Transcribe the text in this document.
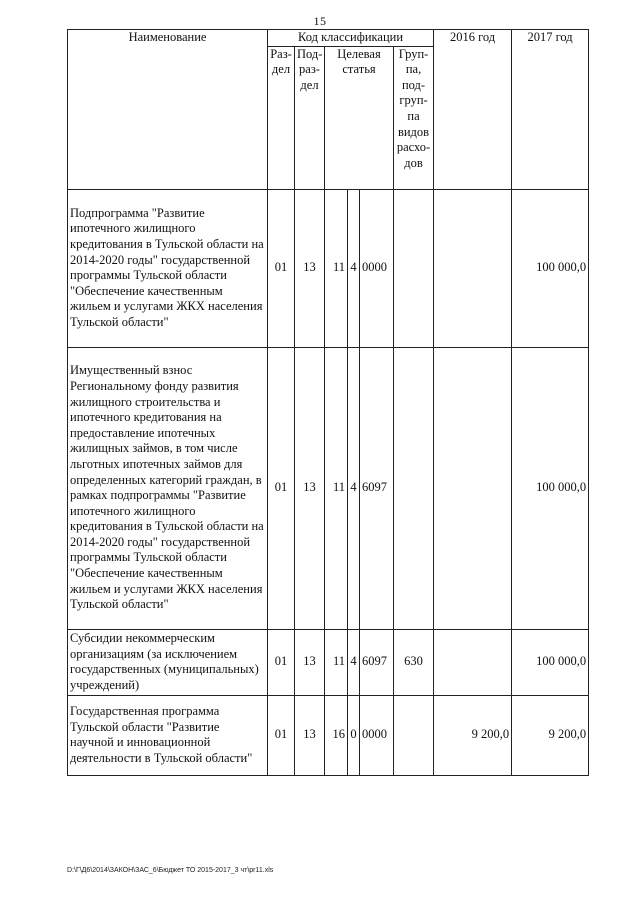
15
Наименование	Код классификации						2016 год	2017 год
	Раз- дел	Под- раз- дел	Целевая статья			Груп- па, под- груп- па видов расхо- дов		
Подпрограмма "Развитие ипотечного жилищного кредитования в Тульской области на 2014-2020 годы" государственной программы Тульской области "Обеспечение качественным жильем и услугами ЖКХ населения Тульской области"	01	13	11	4	0000			100 000,0
Имущественный взнос Региональному фонду развития жилищного строительства и ипотечного кредитования на предоставление ипотечных жилищных займов, в том числе льготных ипотечных займов для определенных категорий граждан, в рамках подпрограммы "Развитие ипотечного жилищного кредитования в Тульской области на 2014-2020 годы" государственной программы Тульской области "Обеспечение качественным жильем и услугами ЖКХ населения Тульской области"	01	13	11	4	6097			100 000,0
Субсидии некоммерческим организациям (за исключением государственных (муниципальных) учреждений)	01	13	11	4	6097	630		100 000,0
Государственная программа Тульской области "Развитие научной и инновационной деятельности в Тульской области"	01	13	16	0	0000		9 200,0	9 200,0
D:\Г\Д6\2014\ЗАКОН\ЗАС_6\Бюджет ТО 2015-2017_3 чт\pr11.xls
